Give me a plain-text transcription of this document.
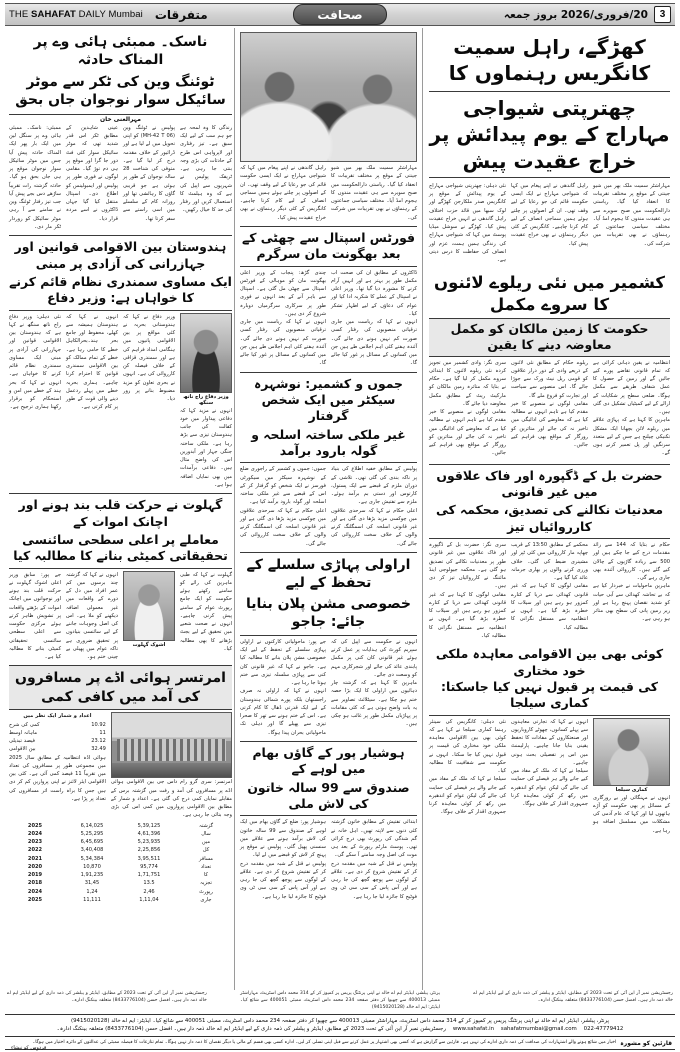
3
20/فروری/2026 بروز جمعہ
صحافت
متفرقات
THE SAHAFAT DAILY Mumbai
کھڑگے، راہل سمیت کانگریس رہنماوں کا
چھترپتی شیواجی مہاراج کے یوم پیدائش پر خراج عقیدت پیش
مہاراشٹر سمیت ملک بھر میں شیو جینتی کے موقع پر مختلف تقریبات کا انعقاد کیا گیا۔ ریاستی دارالحکومت میں صبح سویرے سے ہی عقیدت مندوں کا ہجوم امڈ آیا۔ مختلف سیاسی جماعتوں کے رہنماؤں نے بھی تقریبات میں شرکت کی۔
راہل گاندھی نے اپنے پیغام میں کہا کہ شیواجی مہاراج نے ایک ایسی حکومت قائم کی جو رعایا کے لیے وقف تھی۔ ان کے اصولوں پر چلتے ہوئے ہمیں سماجی انصاف کے لیے کام کرنا چاہیے۔ کانگریس کے کئی دیگر رہنماؤں نے بھی خراج عقیدت پیش کیا۔
نئی دہلی: چھترپتی شیواجی مہاراج کے یوم پیدائش کے موقع پر کانگریس صدر ملکارجن کھڑگے اور لوک سبھا میں قائد حزب اختلاف راہل گاندھی نے انہیں خراج عقیدت پیش کیا۔ کھڑگے نے سوشل میڈیا پوسٹ میں کہا کہ شیواجی مہاراج کی زندگی ہمیں ہمت، عزم اور انصاف کی حفاظت کا درس دیتی ہے۔
کشمیر میں نئی ریلوے لائنوں کا سروے مکمل
حکومت کا زمین مالکان کو مکمل معاوضہ دینے کا یقین
انتظامیہ نے یقین دہانی کرائی ہے کہ تمام قانونی تقاضے پورے کیے جائیں گے اور زمین کے حصول کا عمل شفاف طریقے سے مکمل ہوگا۔ ضلعی سطح پر شکایات کے ازالے کے لیے کمیٹیاں تشکیل دی گئی ہیں۔
ماہرین کا کہنا ہے کہ پہاڑی علاقے میں ریلوے لائن بچھانا ایک مشکل تکنیکی چیلنج ہے جس کے لیے متعدد سرنگیں اور پل تعمیر کرنے ہوں گے۔
ریلوے حکام کے مطابق نئی لائنوں کے ذریعے وادی کے دور دراز علاقوں کو قومی ریل نیٹ ورک سے جوڑا جائے گا۔ اس منصوبے سے سیاحت اور تجارت کو فروغ ملے گا۔
مقامی لوگوں نے منصوبے کا خیر مقدم کیا ہے تاہم انہوں نے مطالبہ کیا ہے کہ معاوضے کی ادائیگی میں تاخیر نہ کی جائے اور متاثرین کو روزگار کے مواقع بھی فراہم کیے جائیں۔
سری نگر: وادی کشمیر میں تجویز کردہ نئی ریلوے لائنوں کا ابتدائی سروے مکمل کر لیا گیا ہے۔ حکام نے بتایا کہ متاثرہ زمین مالکان کو مارکیٹ ریٹ کے مطابق مکمل معاوضہ دیا جائے گا۔
مقامی لوگوں نے منصوبے کا خیر مقدم کیا ہے تاہم انہوں نے مطالبہ کیا ہے کہ معاوضے کی ادائیگی میں تاخیر نہ کی جائے اور متاثرین کو روزگار کے مواقع بھی فراہم کیے جائیں۔
حضرت بل کے ڈگپورہ اور فاک علاقوں میں غیر قانونی
معدنیات نکالنے کی تصدیق، محکمہ کی کارروائیاں تیز
حکام نے بتایا کہ 144 سے زائد مقدمات درج کیے جا چکے ہیں اور 500 سے زیادہ گاڑیوں کے چالان کیے گئے ہیں۔ کارروائی آئندہ بھی جاری رہے گی۔
ماہرین ماحولیات نے خبردار کیا ہے کہ بے تحاشہ کھدائی سے آبی حیات کو شدید نقصان پہنچ رہا ہے اور زیر زمین پانی کی سطح بھی متاثر ہو رہی ہے۔
محکمے کے مطابق 13:50 کے قریب چھاپہ مار کارروائی میں کئی ٹپر اور مشینری ضبط کی گئی۔ خلاف ورزی کرنے والوں پر بھاری جرمانہ عائد کیا گیا ہے۔
مقامی لوگوں کا کہنا ہے کہ غیر قانونی کھدائی سے دریا کے کنارے کمزور ہو رہے ہیں اور سیلاب کا خطرہ بڑھ گیا ہے۔ انہوں نے انتظامیہ سے مستقل نگرانی کا مطالبہ کیا۔
سری نگر: حضرت بل کے ڈگپورہ اور فاک علاقوں میں غیر قانونی طور پر معدنیات نکالنے کی تصدیق ہو گئی ہے۔ محکمہ جیولوجی اینڈ مائننگ نے کارروائیاں تیز کر دی ہیں۔
مقامی لوگوں کا کہنا ہے کہ غیر قانونی کھدائی سے دریا کے کنارے کمزور ہو رہے ہیں اور سیلاب کا خطرہ بڑھ گیا ہے۔ انہوں نے انتظامیہ سے مستقل نگرانی کا مطالبہ کیا۔
کوئی بھی بین الاقوامی معاہدہ ملکی خود مختاری
کی قیمت پر قبول نہیں کیا جاسکتا: کماری سیلجا
کماری سیلجا
انہوں نے مہنگائی اور بے روزگاری کے مسائل پر بھی حکومت کو آڑے ہاتھوں لیا اور کہا کہ عام آدمی کی مشکلات میں مسلسل اضافہ ہو رہا ہے۔
انہوں نے کہا کہ تجارتی معاہدوں سے پہلے کسانوں، چھوٹے کاروباریوں اور صنعتکاروں کے مفادات کا تحفظ یقینی بنایا جانا چاہیے۔ پارلیمنٹ میں اس پر تفصیلی بحث ہونی چاہیے۔
سیلجا نے کہا کہ ملک کے مفاد میں کیے جانے والے ہر فیصلے کی حمایت کی جائے گی لیکن عوام کو اندھیرے میں رکھ کر کوئی معاہدہ کرنا جمہوری اقدار کے خلاف ہوگا۔
نئی دہلی: کانگریس کی سینئر رہنما کماری سیلجا نے کہا ہے کہ کوئی بھی بین الاقوامی معاہدہ ملکی خود مختاری کی قیمت پر قبول نہیں کیا جا سکتا۔ انہوں نے حکومت سے شفافیت کا مطالبہ کیا۔
سیلجا نے کہا کہ ملک کے مفاد میں کیے جانے والے ہر فیصلے کی حمایت کی جائے گی لیکن عوام کو اندھیرے میں رکھ کر کوئی معاہدہ کرنا جمہوری اقدار کے خلاف ہوگا۔
مہاراشٹر سمیت ملک بھر میں شیو جینتی کے موقع پر مختلف تقریبات کا انعقاد کیا گیا۔ ریاستی دارالحکومت میں صبح سویرے سے ہی عقیدت مندوں کا ہجوم امڈ آیا۔ مختلف سیاسی جماعتوں کے رہنماؤں نے بھی تقریبات میں شرکت کی۔
راہل گاندھی نے اپنے پیغام میں کہا کہ شیواجی مہاراج نے ایک ایسی حکومت قائم کی جو رعایا کے لیے وقف تھی۔ ان کے اصولوں پر چلتے ہوئے ہمیں سماجی انصاف کے لیے کام کرنا چاہیے۔ کانگریس کے کئی دیگر رہنماؤں نے بھی خراج عقیدت پیش کیا۔
فورٹس اسپتال سے چھٹی کے بعد بھگونت مان سرگرم
ڈاکٹروں کے مطابق ان کی صحت اب مکمل طور پر بہتر ہے اور انہیں آرام کرنے کا مشورہ دیا گیا تھا۔ وزیر اعلی نے اسپتال کے عملے کا شکریہ ادا کیا اور عوام کی دعاؤں کے لیے اظہار تشکر کیا۔
انہوں نے کہا کہ ریاست میں جاری ترقیاتی منصوبوں کی رفتار کسی صورت کم نہیں ہونے دی جائے گی۔ آئندہ ہفتے کئی اہم اجلاس طے ہیں جن میں کسانوں کے مسائل پر غور کیا جائے گا۔
چندی گڑھ: پنجاب کے وزیر اعلی بھگونت مان کو موہالی کے فورٹس اسپتال سے چھٹی مل گئی ہے۔ اسپتال سے باہر آنے کے بعد انہوں نے فوری طور پر سرکاری سرگرمیاں دوبارہ شروع کر دی ہیں۔
انہوں نے کہا کہ ریاست میں جاری ترقیاتی منصوبوں کی رفتار کسی صورت کم نہیں ہونے دی جائے گی۔ آئندہ ہفتے کئی اہم اجلاس طے ہیں جن میں کسانوں کے مسائل پر غور کیا جائے گا۔
جموں و کشمیر: نوشہرہ سیکٹر میں ایک شخص گرفتار
غیر ملکی ساختہ اسلحہ و گولہ بارود برآمد
پولیس کے مطابق خفیہ اطلاع کی بنیاد پر ناکہ بندی کی گئی تھی۔ تلاشی کے دوران ملزم کے قبضے سے ایک پستول، کارتوس اور دستی بم برآمد ہوئے۔ ملزم سے تفتیش جاری ہے۔
اعلی حکام نے کہا کہ سرحدی علاقوں میں چوکسی مزید بڑھا دی گئی ہے اور غیر قانونی اسلحہ کی اسمگلنگ کرنے والوں کے خلاف سخت کارروائی کی جائے گی۔
جموں: جموں و کشمیر کے راجوری ضلع کے نوشہرہ سیکٹر میں سیکورٹی فورسز نے ایک شخص کو گرفتار کر کے اس کے قبضے سے غیر ملکی ساختہ اسلحہ اور گولہ بارود برآمد کیا ہے۔
اعلی حکام نے کہا کہ سرحدی علاقوں میں چوکسی مزید بڑھا دی گئی ہے اور غیر قانونی اسلحہ کی اسمگلنگ کرنے والوں کے خلاف سخت کارروائی کی جائے گی۔
اراولی پہاڑی سلسلے کے تحفظ کے لیے
خصوصی مشن پلان بنایا جائے: جاجو
انہوں نے حکومت سے اپیل کی کہ سپریم کورٹ کی ہدایات پر عمل کرتے ہوئے غیر قانونی کان کنی پر مکمل پابندی عائد کی جائے اور شجرکاری مہم کو وسعت دی جائے۔
ماہرین کا کہنا ہے کہ گزشتہ چار دہائیوں میں اراولی کا ایک بڑا حصہ ختم ہو چکا ہے۔ سیٹلائٹ تصاویر سے یہ بات واضح ہوتی ہے کہ کئی مقامات پر پہاڑیاں مکمل طور پر غائب ہو چکی ہیں۔
جے پور: ماحولیاتی کارکنوں نے اراولی پہاڑی سلسلے کے تحفظ کے لیے ایک خصوصی مشن پلان بنانے کا مطالبہ کیا ہے۔ جاجو نے کہا کہ غیر قانونی کان کنی سے پہاڑی سلسلہ تیزی سے ختم ہوتا جا رہا ہے۔
انہوں نے کہا کہ اراولی نہ صرف راجستھان بلکہ پورے شمالی ہندوستان کے لیے ایک قدرتی ڈھال کا کام کرتی ہے۔ اس کے ختم ہونے سے تھر کا صحرا تیزی سے پھیلے گا اور دہلی تک ماحولیاتی بحران پیدا ہوگا۔
ہوشیار پور کے گاؤں بھام میں لوہے کے
صندوق سے 99 سالہ خاتون کی لاش ملی
ابتدائی تفتیش کے مطابق خاتون گزشتہ کئی دنوں سے لاپتہ تھیں۔ اہل خانہ نے گم شدگی کی رپورٹ بھی درج کرائی تھی۔ پوسٹ مارٹم رپورٹ کے بعد ہی موت کی اصل وجہ سامنے آ سکے گی۔
پولیس نے قتل کے شبہ میں مقدمہ درج کر کے تفتیش شروع کر دی ہے۔ علاقے کے لوگوں سے پوچھ گچھ کی جا رہی ہے اور آس پاس کے سی سی ٹی وی فوٹیج کا جائزہ لیا جا رہا ہے۔
ہوشیار پور: ضلع کے گاؤں بھام میں ایک لوہے کے صندوق سے 99 سالہ خاتون کی لاش برآمد ہونے سے علاقے میں سنسنی پھیل گئی۔ پولیس نے موقع پر پہنچ کر لاش کو قبضے میں لے لیا۔
پولیس نے قتل کے شبہ میں مقدمہ درج کر کے تفتیش شروع کر دی ہے۔ علاقے کے لوگوں سے پوچھ گچھ کی جا رہی ہے اور آس پاس کے سی سی ٹی وی فوٹیج کا جائزہ لیا جا رہا ہے۔
ناسک۔ ممبئی ہائی وے پر المناک حادثہ
ٹوئنگ وین کی ٹکر سے موٹر سائیکل سوار نوجوان جاں بحق
مہرالغنی خان
زندگی کا وہ لمحہ ہے جو ہم سب کے لیے ایک سبق ہے۔ تیز رفتاری اور لاپرواہی اس طرح کے حادثات کی بڑی وجہ بنتی جا رہی ہے۔ ٹریفک پولیس نے شہریوں سے اپیل کی ہے کہ وہ ہیلمٹ کا استعمال کریں اور رفتار کی حد کا خیال رکھیں۔
پولیس نے ٹوئنگ وین (MH-42 T 06) کو اپنی تحویل میں لے لیا ہے اور ڈرائیور کے خلاف مقدمہ درج کر لیا گیا ہے۔ متوفی کی شناخت 28 سالہ نوجوان کے طور پر ہوئی ہے جو قریبی گاؤں کا رہائشی تھا اور روزانہ کام کے سلسلے میں اسی راستے سے سفر کرتا تھا۔
عینی شاہدین کے مطابق ٹکر اس قدر شدید تھی کہ موٹر سائیکل سوار کئی فٹ دور جا گرا اور موقع پر ہی دم توڑ گیا۔ مقامی لوگوں نے فوری طور پر پولیس اور ایمبولینس کو اطلاع دی۔ اسپتال منتقل کیا گیا جہاں ڈاکٹروں نے اسے مردہ قرار دیا۔
ممبئی: ناسک۔ ممبئی ہائی وے پر سنگل لین میں ایک بار پھر ایک المناک حادثہ پیش آیا جس میں موٹر سائیکل سوار نوجوان موقع پر ہی جاں بحق ہو گیا۔ حادثہ گزشتہ رات تقریباً ساڑھے دس بجے پیش آیا جب تیز رفتار ٹوئنگ وین نے سامنے سے آ رہی موٹر سائیکل کو زوردار ٹکر مار دی۔
ہندوستان بین الاقوامی قوانین اور جہازرانی کی آزادی پر مبنی
ایک مساوی سمندری نظام قائم کرنے کا خواہاں ہے: وزیر دفاع
وزیر دفاع راج ناتھ سنگھ
انہوں نے مزید کہا کہ دفاعی پیداوار میں خود کفالت کی جانب ہندوستان تیزی سے بڑھ رہا ہے۔ ملکی ساختہ جنگی جہاز اور آبدوزیں اس کی واضح مثال ہیں۔ دفاعی برآمدات میں بھی نمایاں اضافہ ہوا ہے۔
وزیر دفاع نے کہا کہ ہندوستانی بحریہ نے کئی مواقع پر بین الاقوامی پانیوں میں ہنگامی امداد فراہم کی ہے اور سمندری قزاقی کے خلاف فیصلہ کن کارروائی کی ہے۔ انہوں نے بحری تعاون کو مزید مضبوط بنانے پر زور دیا۔
انہوں نے کہا کہ ہندوستان ہمیشہ سے کھلے، محفوظ اور جامع بحر ہند۔بحرالکاہل خطے کا حامی رہا ہے۔ خطے کے تمام ممالک کو بین الاقوامی سمندری قوانین کا احترام کرنا چاہیے۔ ہماری بحریہ خطے میں پہلے ردعمل دینے والی قوت کے طور پر کام کرتی ہے۔
نئی دہلی: وزیر دفاع راج ناتھ سنگھ نے کہا ہے کہ ہندوستان بین الاقوامی قوانین اور جہازرانی کی آزادی پر مبنی ایک مساوی سمندری نظام قائم کرنے کا خواہاں ہے۔ انہوں نے کہا کہ بحر ہند کے خطے میں امن و استحکام کو برقرار رکھنا ہماری ترجیح ہے۔
گہلوت نے حرکت قلب بند ہونے اور اچانک اموات کے
معاملے پر اعلی سطحی سائنسی تحقیقاتی کمیٹی بنانے کا مطالبہ کیا
گہلوت نے کہا کہ طبی ماہرین کی رائے کو سامنے رکھتے ہوئے حکومت کو ایک جامع رپورٹ عوام کے سامنے پیش کرنی چاہیے۔ انہوں نے صحت شعبے میں تحقیق کے لیے بجٹ بڑھانے کا بھی مطالبہ کیا۔
اشوک گہلوت
انہوں نے کہا کہ گزشتہ چند برسوں میں کم عمر افراد میں دل کے دورے کے واقعات میں غیر معمولی اضافہ دیکھنے کو ملا ہے۔ اس کی اصل وجوہات جاننے کے لیے سائنسی بنیادوں پر تحقیق ضروری ہے تاکہ عوام میں پھیلی بے چینی ختم ہو۔
جے پور: سابق وزیر اعلی اشوک گہلوت نے حرکت قلب بند ہونے اور نوجوانوں میں اچانک اموات کے بڑھتے واقعات پر تشویش ظاہر کرتے ہوئے مرکزی حکومت سے اعلی سطحی سائنسی تحقیقاتی کمیٹی بنانے کا مطالبہ کیا ہے۔
امرتسر ہوائی اڈے پر مسافروں کی آمد میں کافی کمی
امرتسر: سری گرو رام داس جی بین الاقوامی ہوائی اڈے پر مسافروں کی آمد و رفت میں گزشتہ برس کے مقابلے نمایاں کمی درج کی گئی ہے۔ اعداد و شمار کے مطابق بین الاقوامی پروازوں میں کمی اس کی بڑی وجہ بتائی جا رہی ہے۔
اعداد و شمار ایک نظر میں
10.92
کمی کی شرح
11
ماہانہ اوسط
23.12
فیصد تبدیلی
32.49
بین الاقوامی
ہوائی اڈہ انتظامیہ کے مطابق سال 2025 میں مجموعی طور پر مسافروں کی تعداد میں تقریباً 11 فیصد کمی آئی ہے۔ کئی بین الاقوامی ایئر لائنز نے اپنی پروازیں کم کر دی ہیں جس کا براہ راست اثر مسافروں کی تعداد پر پڑا ہے۔
گزشتہ
سال
میں
کل
مسافر
تعداد
کا
تجزیہ
رپورٹ
جاری
5,39,125
4,61,396
5,23,935
2,25,856
3,95,511
95,774
1,71,751
13.5
2,46
1,11,04
6,14,025
5,25,295
6,45,695
3,40,408
5,34,384
10,870
1,91,235
31,45
1,24
11,111
2025
2024
2023
2022
2021
2020
2019
2018
2024
2025
رجسٹریشن نمبر آر این آئی کے تحت 2023 کے مطابق، ایڈیٹر و پبلشر کی ذمہ داری کے لیے ایڈیٹر ایم اے خالد ذمہ دار ہیں۔ افضل حسن (8433776104) متعلقہ بینکنگ ادارہ۔
پرنٹر، پبلشر، ایڈیٹر ایم اے خالد نے اپنی پرنٹنگ پریس پر کمپوز کر کے 314 محمد داس اسٹریٹ، مہاراشٹر ممبئی 400013 سے چھپوا کر دفتر صفحہ 234 محمد داس اسٹریٹ، ممبئی 400051 سے شائع کیا۔ ایڈیٹر: ایم اے خالد (9415020128)
رجسٹریشن نمبر آر این آئی کے تحت 2023 کے مطابق، ایڈیٹر و پبلشر کی ذمہ داری کے لیے ایڈیٹر ایم اے خالد ذمہ دار ہیں۔ افضل حسن (8433776104) متعلقہ بینکنگ ادارہ۔
پرنٹر، پبلشر، ایڈیٹر ایم اے خالد نے اپنی پرنٹنگ پریس پر کمپوز کر کے 314 محمد داس اسٹریٹ، مہاراشٹر ممبئی 400013 سے چھپوا کر دفتر صفحہ 234 محمد داس اسٹریٹ، ممبئی 400051 سے شائع کیا۔ ایڈیٹر: ایم اے خالد (9415020128)
www.sahafat.in sahafatmumbai@gmail.com 022-47779412    رجسٹریشن نمبر آر این آئی کے تحت 2023 کے مطابق، ایڈیٹر و پبلشر کی ذمہ داری کے لیے ایڈیٹر ایم اے خالد ذمہ دار ہیں۔ افضل حسن (8433776104) متعلقہ بینکنگ ادارہ۔
قارئین کو مشورہ
اخبار میں شائع ہونے والے اشتہارات کی صداقت کی ذمہ داری ادارے کی نہیں ہے۔ قارئین سے گزارش ہے کہ کسی بھی اشتہار پر عمل کرنے سے قبل اپنی تسلی کر لیں۔ ادارہ کسی بھی قسم کے مالی یا دیگر نقصان کا ذمہ دار نہیں ہوگا۔ تمام تنازعات کا فیصلہ ممبئی کی عدالتوں کے دائرہ اختیار میں ہوگا۔
فردوس کو نیشاء
